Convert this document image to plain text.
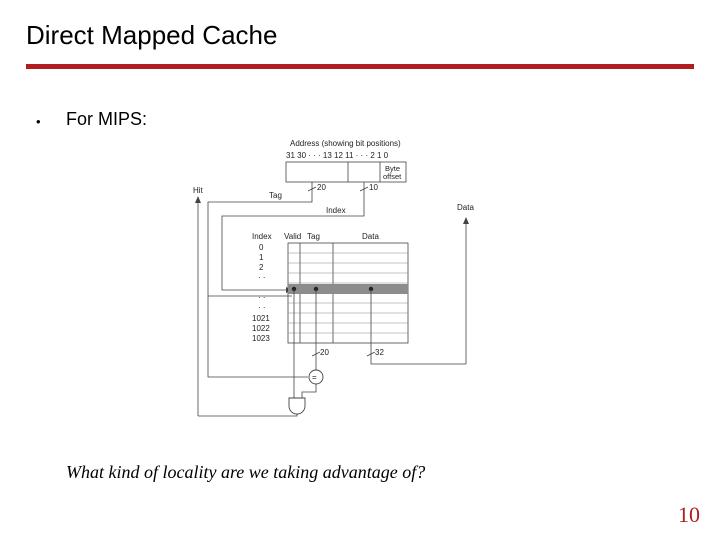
Direct Mapped Cache
• For MIPS:
Address (showing bit positions)
31 30 · · · 13 12 11 · · · 2 1 0
Byte
offset
20	10
Tag
Index
Hit
Data
Index Valid Tag	Data
0
1
2
· ·
· ·
· ·
1021
1022
1023
20	32
=
What kind of locality are we taking advantage of?
10
